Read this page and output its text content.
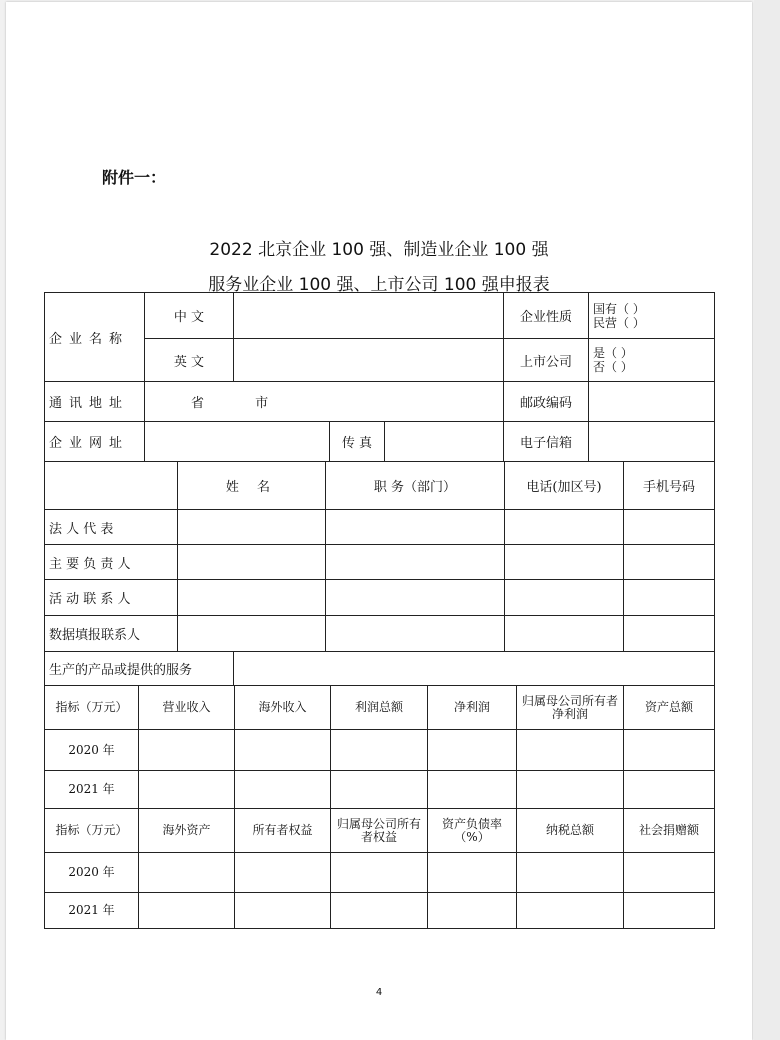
附件一：
2022 北京企业 100 强、制造业企业 100 强
服务业企业 100 强、上市公司 100 强申报表
企业名称	中 文				企业性质	国有（ ）
民营（ ）

	英 文				上市公司	是（ ）
否（ ）

通讯地址	省 市				邮政编码	
企业网址			传 真		电子信箱	
	姓 名	职 务（部门）	电话(加区号)	手机号码
法 人 代 表				
主 要 负 责 人				
活 动 联 系 人				
数据填报联系人				
生产的产品或提供的服务	
指标（万元）	营业收入	海外收入	利润总额	净利润	归属母公司所有者净利润	资产总额
2020 年						
2021 年						
指标（万元）	海外资产	所有者权益	归属母公司所有者权益	资产负债率（%）	纳税总额	社会捐赠额
2020 年						
2021 年						
4
